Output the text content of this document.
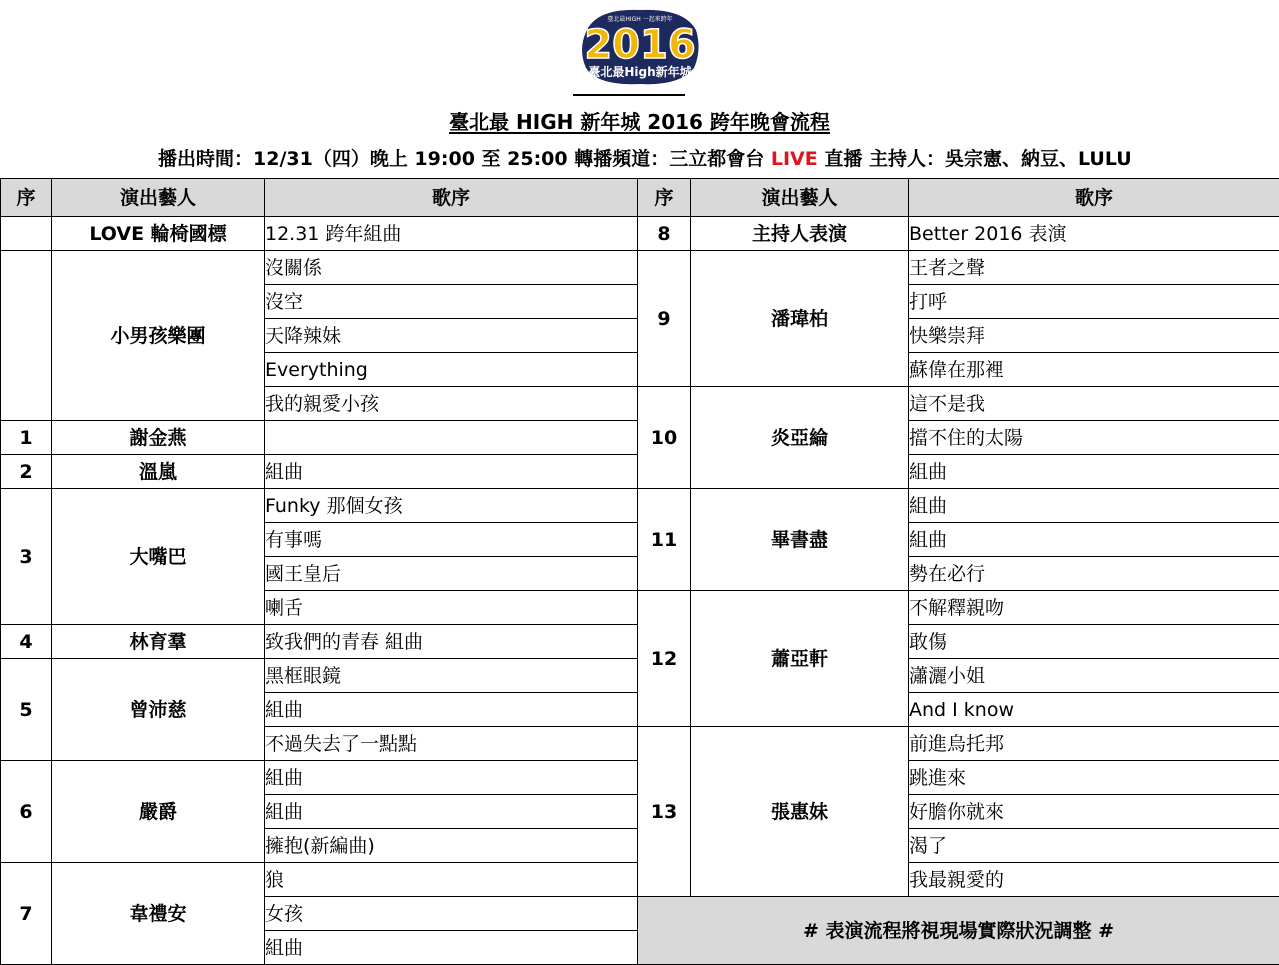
臺北最HIGH 一起來跨年
2016
臺北最High新年城
臺北最 HIGH 新年城 2016 跨年晚會流程
播出時間：12/31（四）晚上 19:00 至 25:00 轉播頻道：三立都會台 LIVE 直播 主持人：吳宗憲、納豆、LULU
序	演出藝人	歌序	序	演出藝人	歌序
	LOVE 輪椅國標	12.31 跨年組曲	8	主持人表演	Better 2016 表演
	小男孩樂團	沒關係	9	潘瑋柏	王者之聲
		沒空			打呼
		天降辣妹			快樂崇拜
		Everything			蘇偉在那裡
		我的親愛小孩	10	炎亞綸	這不是我
1	謝金燕				擋不住的太陽
2	溫嵐	組曲			組曲
3	大嘴巴	Funky 那個女孩	11	畢書盡	組曲
		有事嗎			組曲
		國王皇后			勢在必行
		喇舌	12	蕭亞軒	不解釋親吻
4	林育羣	致我們的青春 組曲			敢傷
5	曾沛慈	黑框眼鏡			瀟灑小姐
		組曲			And I know
		不過失去了一點點	13	張惠妹	前進烏托邦
6	嚴爵	組曲			跳進來
		組曲			好膽你就來
		擁抱(新編曲)			渴了
7	韋禮安	狼			我最親愛的
		女孩	# 表演流程將視現場實際狀況調整 #		
		組曲			
